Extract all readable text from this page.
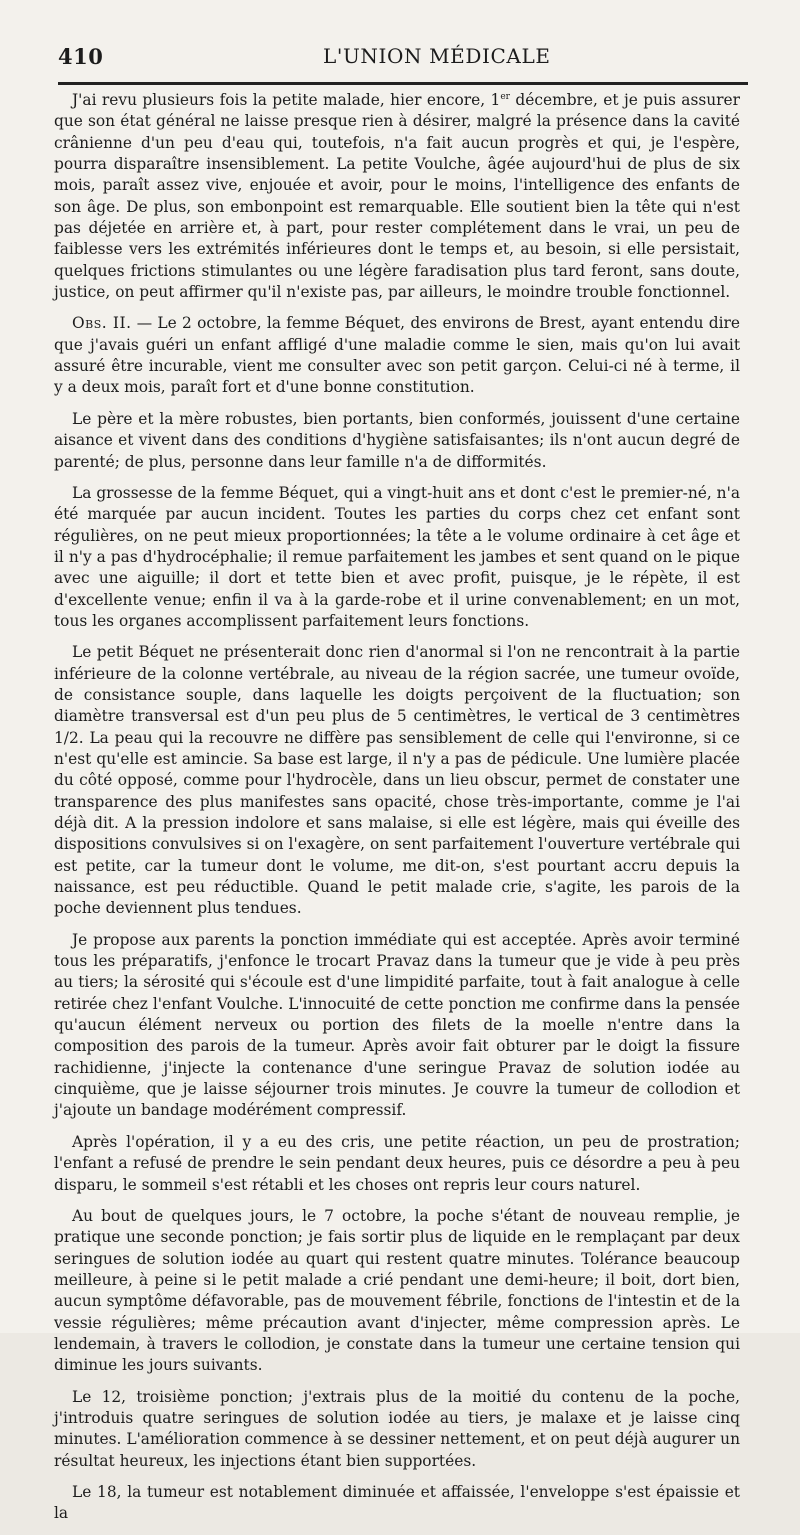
410	L'UNION MÉDICALE

J'ai revu plusieurs fois la petite malade, hier encore, 1er décembre, et je puis assurer que son état général ne laisse presque rien à désirer, malgré la présence dans la cavité crânienne d'un peu d'eau qui, toutefois, n'a fait aucun progrès et qui, je l'espère, pourra disparaître insensiblement. La petite Voulche, âgée aujourd'hui de plus de six mois, paraît assez vive, enjouée et avoir, pour le moins, l'intelligence des enfants de son âge. De plus, son embonpoint est remarquable. Elle soutient bien la tête qui n'est pas déjetée en arrière et, à part, pour rester complétement dans le vrai, un peu de faiblesse vers les extrémités inférieures dont le temps et, au besoin, si elle persistait, quelques frictions stimulantes ou une légère faradisation plus tard feront, sans doute, justice, on peut affirmer qu'il n'existe pas, par ailleurs, le moindre trouble fonctionnel.

Obs. II. — Le 2 octobre, la femme Béquet, des environs de Brest, ayant entendu dire que j'avais guéri un enfant affligé d'une maladie comme le sien, mais qu'on lui avait assuré être incurable, vient me consulter avec son petit garçon. Celui-ci né à terme, il y a deux mois, paraît fort et d'une bonne constitution.

Le père et la mère robustes, bien portants, bien conformés, jouissent d'une certaine aisance et vivent dans des conditions d'hygiène satisfaisantes; ils n'ont aucun degré de parenté; de plus, personne dans leur famille n'a de difformités.

La grossesse de la femme Béquet, qui a vingt-huit ans et dont c'est le premier-né, n'a été marquée par aucun incident. Toutes les parties du corps chez cet enfant sont régulières, on ne peut mieux proportionnées; la tête a le volume ordinaire à cet âge et il n'y a pas d'hydrocéphalie; il remue parfaitement les jambes et sent quand on le pique avec une aiguille; il dort et tette bien et avec profit, puisque, je le répète, il est d'excellente venue; enfin il va à la garde-robe et il urine convenablement; en un mot, tous les organes accomplissent parfaitement leurs fonctions.

Le petit Béquet ne présenterait donc rien d'anormal si l'on ne rencontrait à la partie inférieure de la colonne vertébrale, au niveau de la région sacrée, une tumeur ovoïde, de consistance souple, dans laquelle les doigts perçoivent de la fluctuation; son diamètre transversal est d'un peu plus de 5 centimètres, le vertical de 3 centimètres 1/2. La peau qui la recouvre ne diffère pas sensiblement de celle qui l'environne, si ce n'est qu'elle est amincie. Sa base est large, il n'y a pas de pédicule. Une lumière placée du côté opposé, comme pour l'hydrocèle, dans un lieu obscur, permet de constater une transparence des plus manifestes sans opacité, chose très-importante, comme je l'ai déjà dit. A la pression indolore et sans malaise, si elle est légère, mais qui éveille des dispositions convulsives si on l'exagère, on sent parfaitement l'ouverture vertébrale qui est petite, car la tumeur dont le volume, me dit-on, s'est pourtant accru depuis la naissance, est peu réductible. Quand le petit malade crie, s'agite, les parois de la poche deviennent plus tendues.

Je propose aux parents la ponction immédiate qui est acceptée. Après avoir terminé tous les préparatifs, j'enfonce le trocart Pravaz dans la tumeur que je vide à peu près au tiers; la sérosité qui s'écoule est d'une limpidité parfaite, tout à fait analogue à celle retirée chez l'enfant Voulche. L'innocuité de cette ponction me confirme dans la pensée qu'aucun élément nerveux ou portion des filets de la moelle n'entre dans la composition des parois de la tumeur. Après avoir fait obturer par le doigt la fissure rachidienne, j'injecte la contenance d'une seringue Pravaz de solution iodée au cinquième, que je laisse séjourner trois minutes. Je couvre la tumeur de collodion et j'ajoute un bandage modérément compressif.

Après l'opération, il y a eu des cris, une petite réaction, un peu de prostration; l'enfant a refusé de prendre le sein pendant deux heures, puis ce désordre a peu à peu disparu, le sommeil s'est rétabli et les choses ont repris leur cours naturel.

Au bout de quelques jours, le 7 octobre, la poche s'étant de nouveau remplie, je pratique une seconde ponction; je fais sortir plus de liquide en le remplaçant par deux seringues de solution iodée au quart qui restent quatre minutes. Tolérance beaucoup meilleure, à peine si le petit malade a crié pendant une demi-heure; il boit, dort bien, aucun symptôme défavorable, pas de mouvement fébrile, fonctions de l'intestin et de la vessie régulières; même précaution avant d'injecter, même compression après. Le lendemain, à travers le collodion, je constate dans la tumeur une certaine tension qui diminue les jours suivants.

Le 12, troisième ponction; j'extrais plus de la moitié du contenu de la poche, j'introduis quatre seringues de solution iodée au tiers, je malaxe et je laisse cinq minutes. L'amélioration commence à se dessiner nettement, et on peut déjà augurer un résultat heureux, les injections étant bien supportées.

Le 18, la tumeur est notablement diminuée et affaissée, l'enveloppe s'est épaissie et la
